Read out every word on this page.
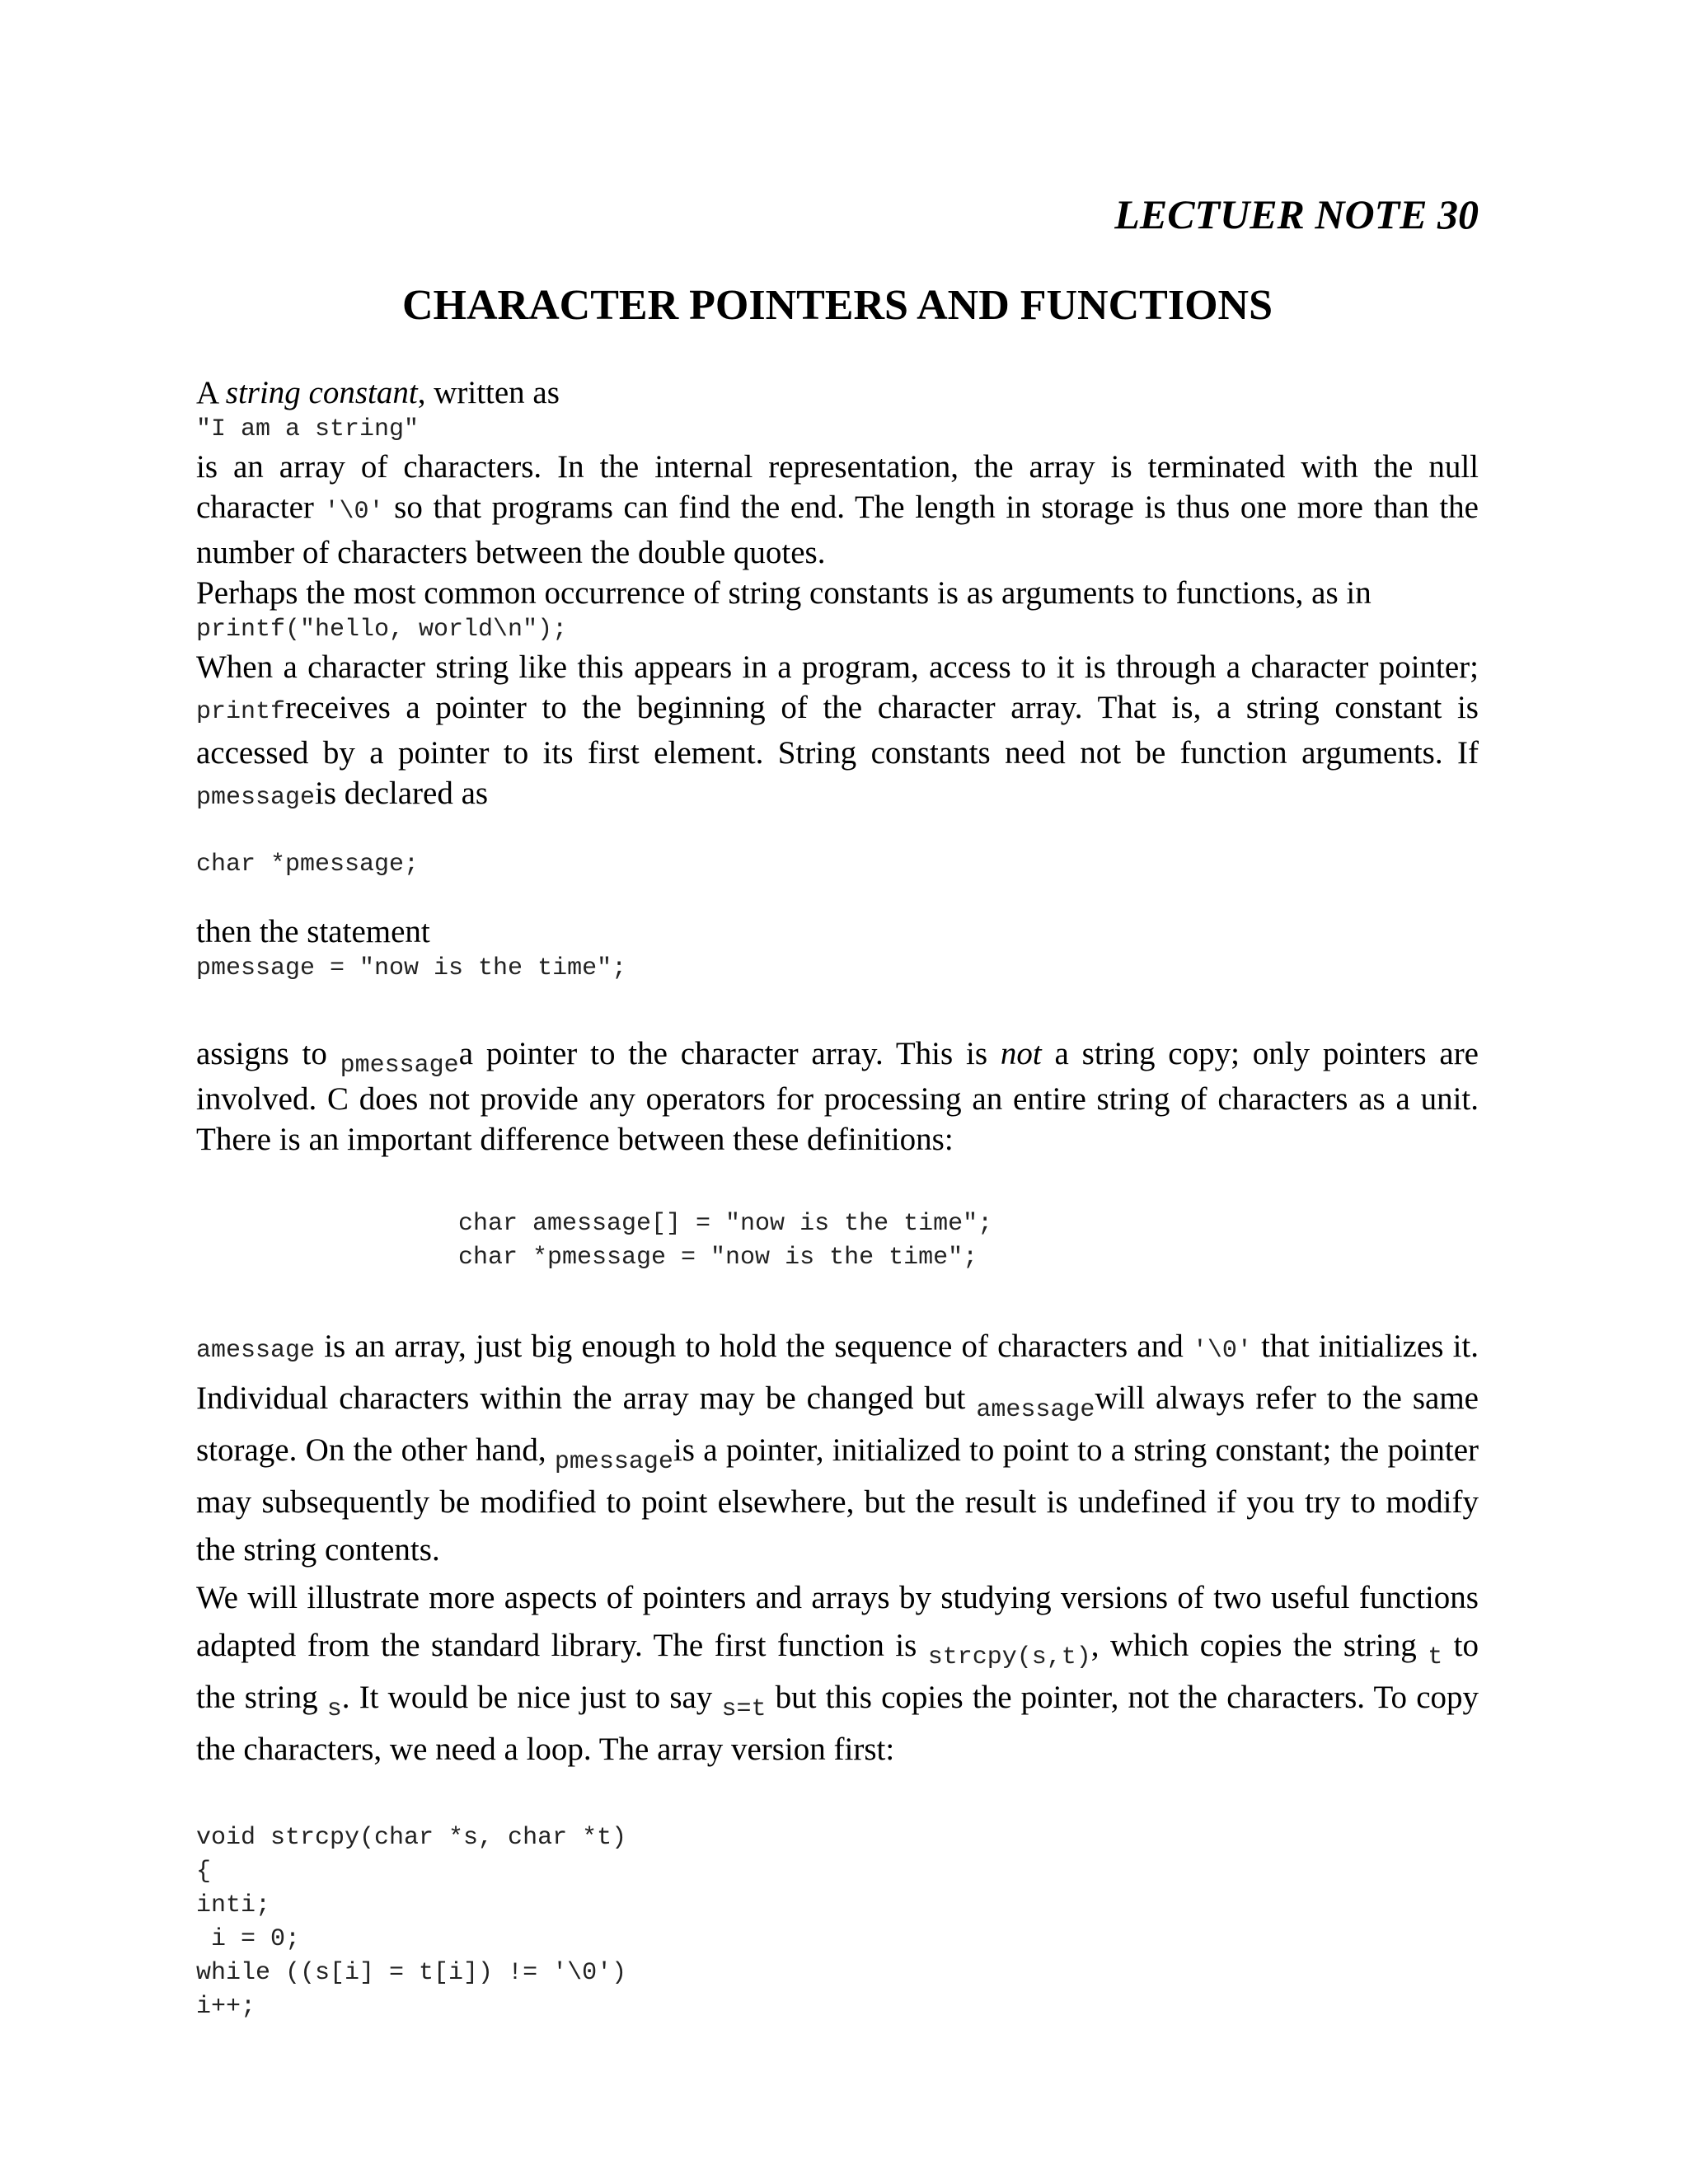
LECTUER NOTE 30

CHARACTER POINTERS AND FUNCTIONS

A string constant, written as

"I am a string"

is an array of characters. In the internal representation, the array is terminated with the null character '\0' so that programs can find the end. The length in storage is thus one more than the number of characters between the double quotes.

Perhaps the most common occurrence of string constants is as arguments to functions, as in

printf("hello, world\n");

When a character string like this appears in a program, access to it is through a character pointer; printfreceives a pointer to the beginning of the character array. That is, a string constant is accessed by a pointer to its first element. String constants need not be function arguments. If pmessageis declared as

char *pmessage;

then the statement

pmessage = "now is the time";

assigns to $_{pmessage}$a pointer to the character array. This is not a string copy; only pointers are involved. C does not provide any operators for processing an entire string of characters as a unit. There is an important difference between these definitions:

char amessage[] = "now is the time";

char *pmessage = "now is the time";

amessage is an array, just big enough to hold the sequence of characters and '\0' that initializes it. Individual characters within the array may be changed but $_{amessage}$will always refer to the same storage. On the other hand, $_{pmessage}$is a pointer, initialized to point to a string constant; the pointer may subsequently be modified to point elsewhere, but the result is undefined if you try to modify the string contents.

We will illustrate more aspects of pointers and arrays by studying versions of two useful functions adapted from the standard library. The first function is $_{strcpy(s,t)}$, which copies the string $_t$ to the string $_s$. It would be nice just to say $_{s=t}$ but this copies the pointer, not the characters. To copy the characters, we need a loop. The array version first:

void strcpy(char *s, char *t)

{

inti;

i = 0;

while ((s[i] = t[i]) != '\0')

i++;
